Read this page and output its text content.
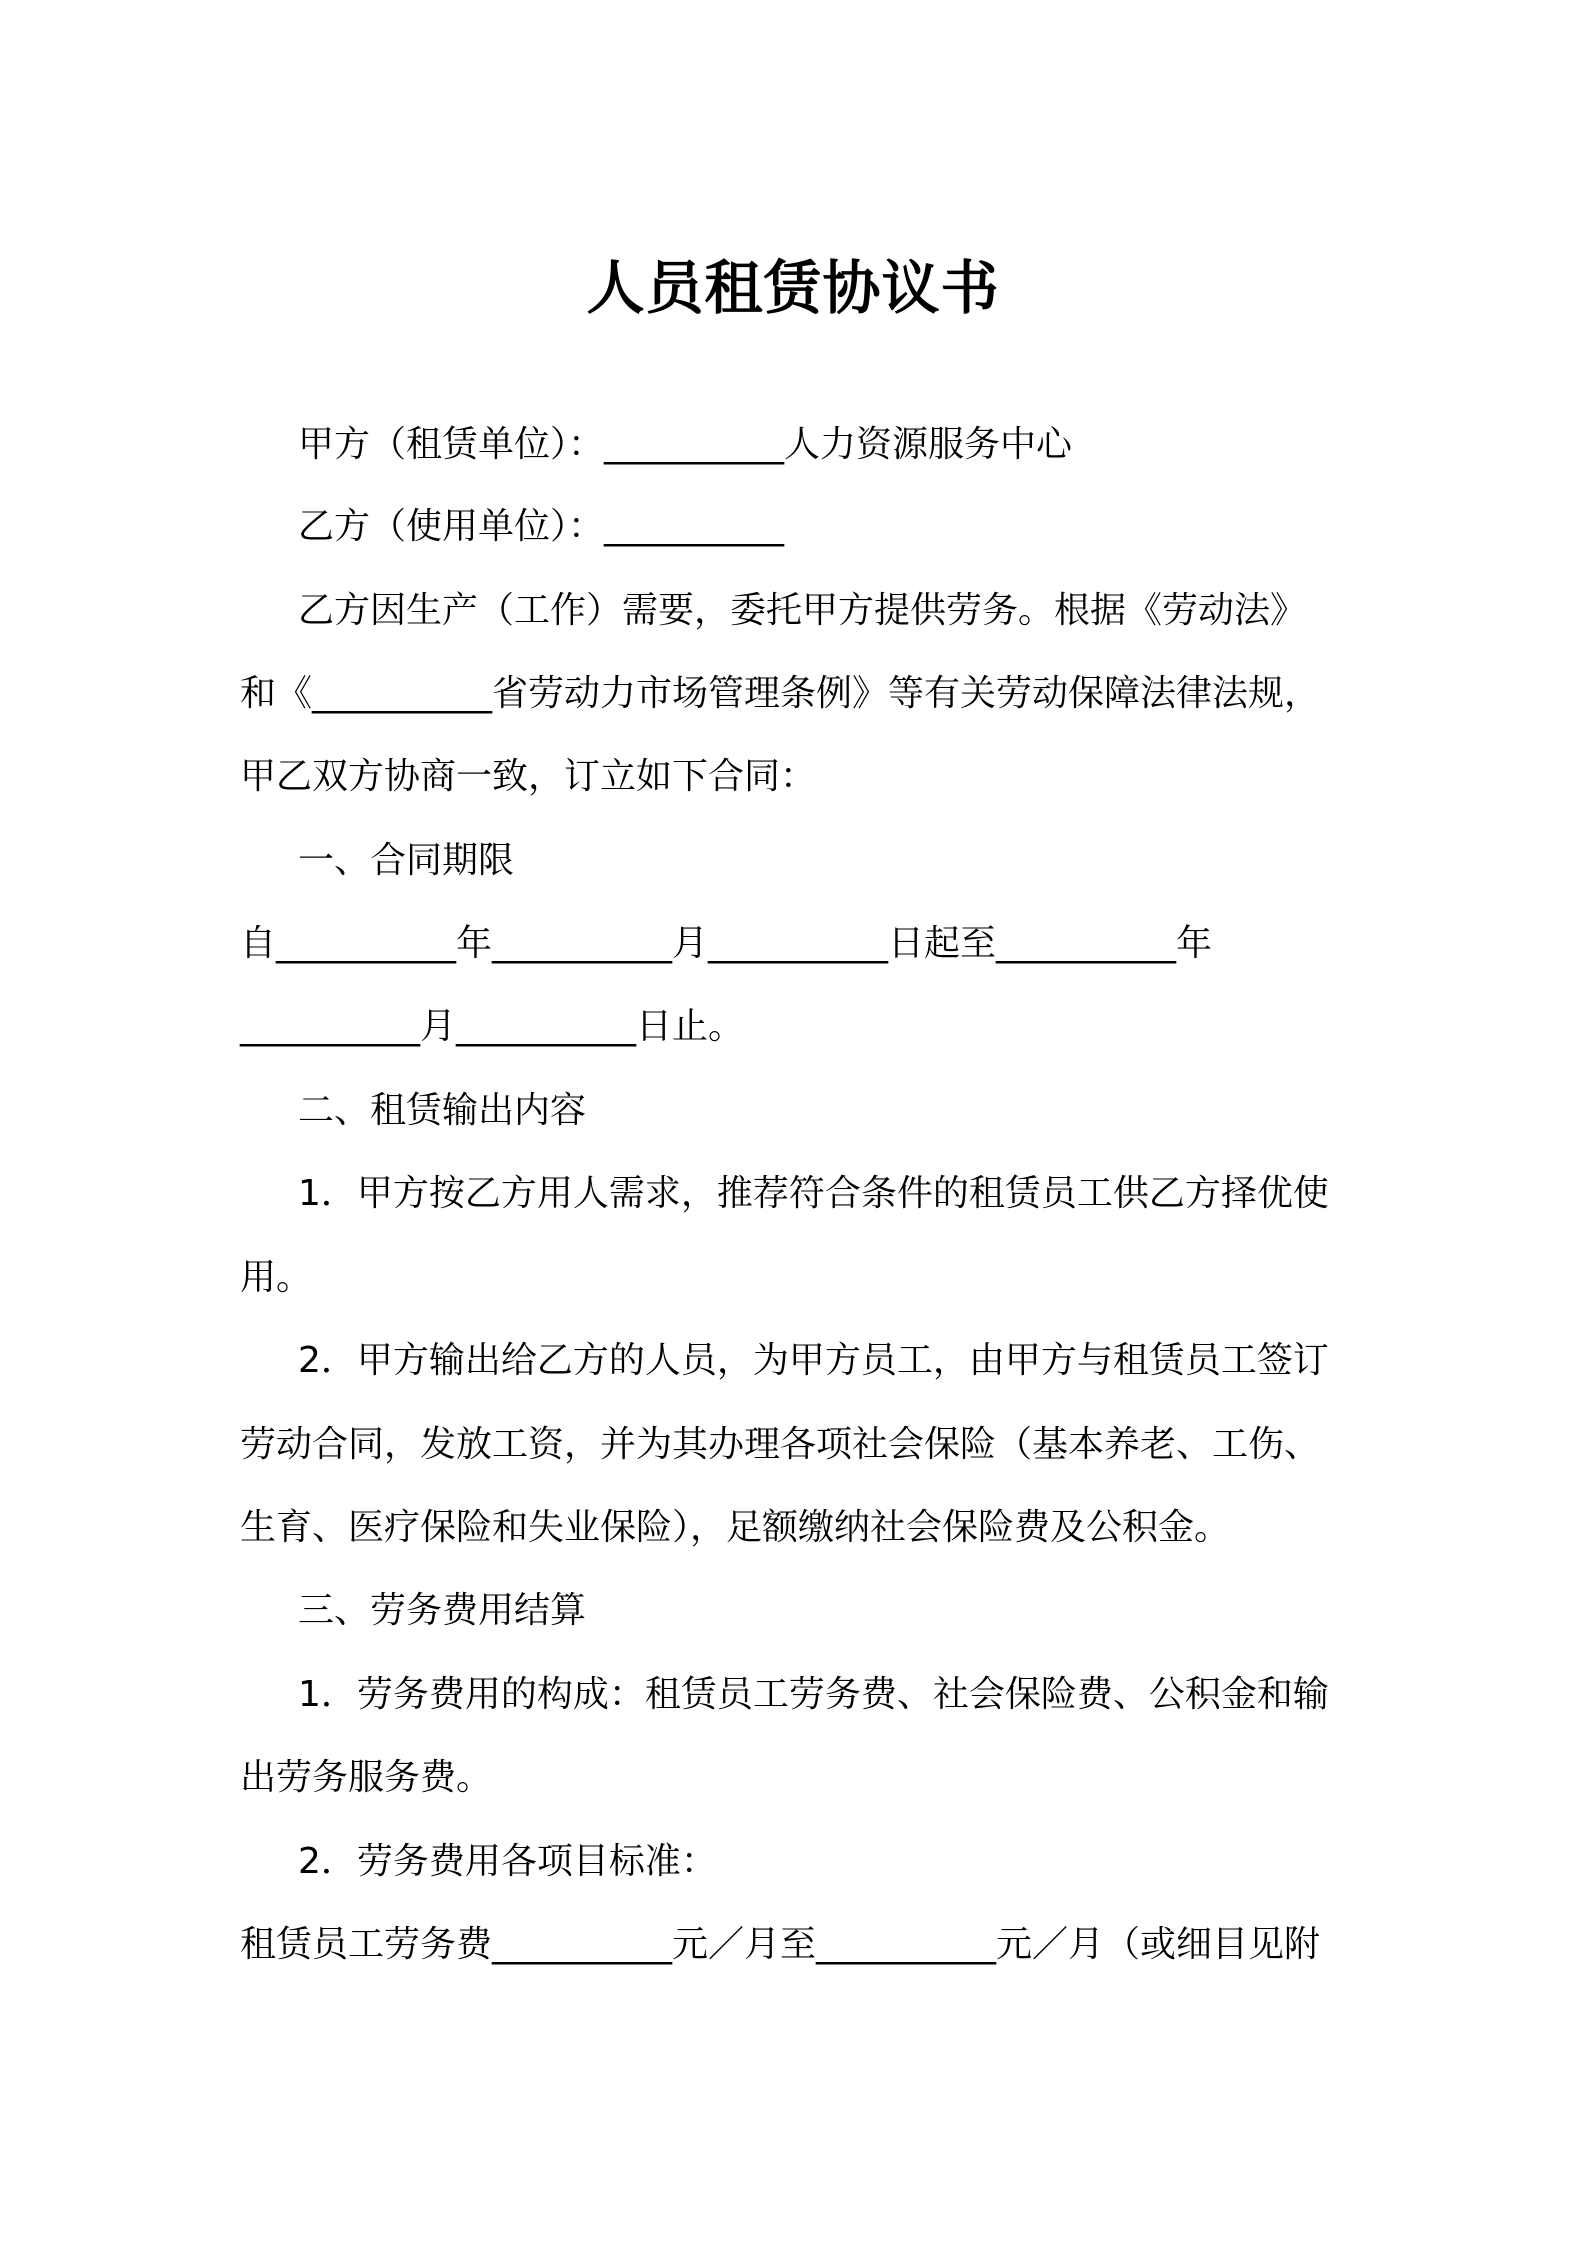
人员租赁协议书

甲方（租赁单位）：__________人力资源服务中心

乙方（使用单位）：__________

乙方因生产（工作）需要，委托甲方提供劳务。根据《劳动法》

和《__________省劳动力市场管理条例》等有关劳动保障法律法规，

甲乙双方协商一致，订立如下合同：

一、合同期限

自__________年__________月__________日起至__________年

__________月__________日止。

二、租赁输出内容

1．甲方按乙方用人需求，推荐符合条件的租赁员工供乙方择优使

用。

2．甲方输出给乙方的人员，为甲方员工，由甲方与租赁员工签订

劳动合同，发放工资，并为其办理各项社会保险（基本养老、工伤、

生育、医疗保险和失业保险），足额缴纳社会保险费及公积金。

三、劳务费用结算

1．劳务费用的构成：租赁员工劳务费、社会保险费、公积金和输

出劳务服务费。

2．劳务费用各项目标准：

租赁员工劳务费__________元／月至__________元／月（或细目见附
